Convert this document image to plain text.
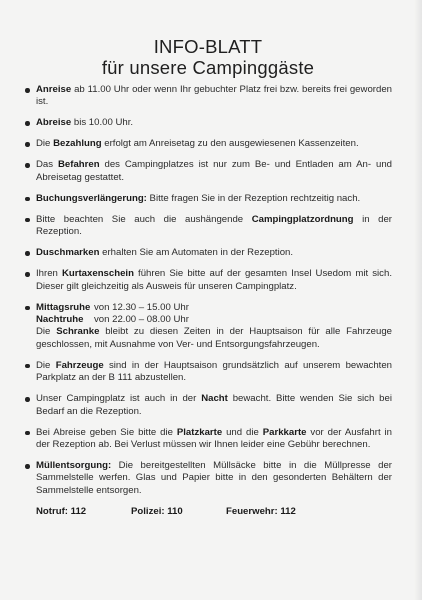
INFO-BLATT
für unsere Campinggäste
Anreise ab 11.00 Uhr oder wenn Ihr gebuchter Platz frei bzw. bereits frei geworden ist.
Abreise bis 10.00 Uhr.
Die Bezahlung erfolgt am Anreisetag zu den ausgewiesenen Kassenzeiten.
Das Befahren des Campingplatzes ist nur zum Be- und Entladen am An- und Abreisetag gestattet.
Buchungsverlängerung: Bitte fragen Sie in der Rezeption rechtzeitig nach.
Bitte beachten Sie auch die aushängende Campingplatzordnung in der Rezeption.
Duschmarken erhalten Sie am Automaten in der Rezeption.
Ihren Kurtaxenschein führen Sie bitte auf der gesamten Insel Usedom mit sich. Dieser gilt gleichzeitig als Ausweis für unseren Campingplatz.
Mittagsruhe von 12.30 – 15.00 Uhr
Nachtruhe von 22.00 – 08.00 Uhr
Die Schranke bleibt zu diesen Zeiten in der Hauptsaison für alle Fahrzeuge geschlossen, mit Ausnahme von Ver- und Entsorgungsfahrzeugen.
Die Fahrzeuge sind in der Hauptsaison grundsätzlich auf unserem bewachten Parkplatz an der B 111 abzustellen.
Unser Campingplatz ist auch in der Nacht bewacht. Bitte wenden Sie sich bei Bedarf an die Rezeption.
Bei Abreise geben Sie bitte die Platzkarte und die Parkkarte vor der Ausfahrt in der Rezeption ab. Bei Verlust müssen wir Ihnen leider eine Gebühr berechnen.
Müllentsorgung: Die bereitgestellten Müllsäcke bitte in die Müllpresse der Sammelstelle werfen. Glas und Papier bitte in den gesonderten Behältern der Sammelstelle entsorgen.
Notruf: 112	Polizei: 110	Feuerwehr: 112
